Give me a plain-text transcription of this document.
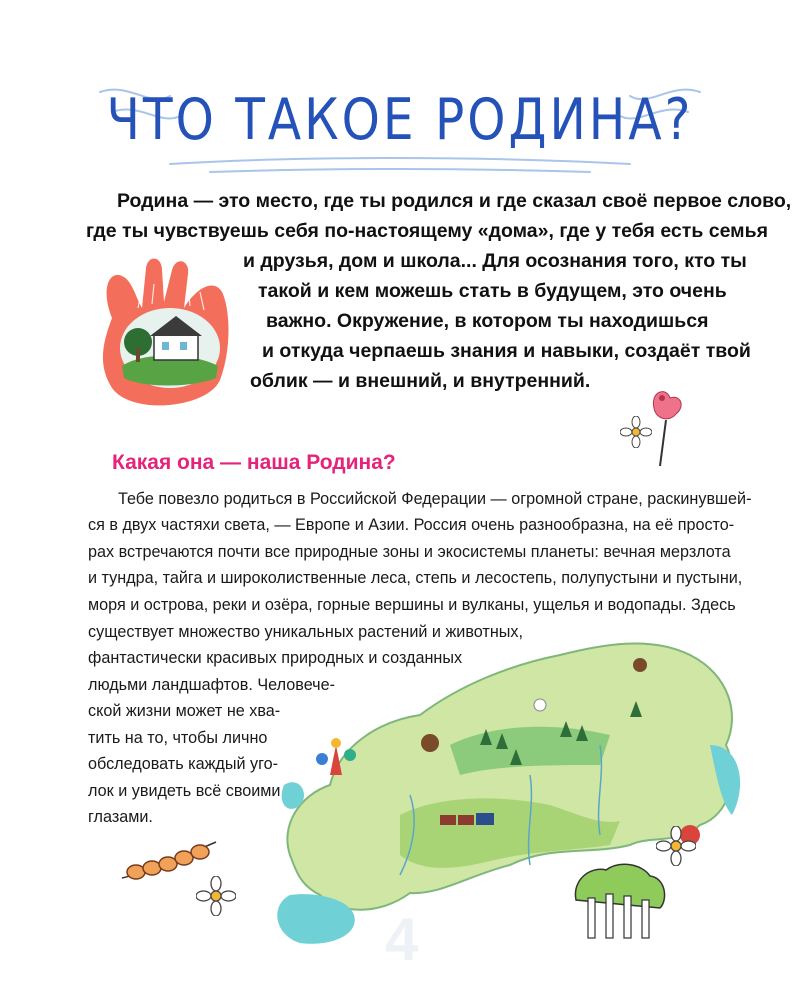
ЧТО ТАКОЕ РОДИНА?
Родина — это место, где ты родился и где сказал своё первое слово,
где ты чувствуешь себя по-настоящему «дома», где у тебя есть семья
и друзья, дом и школа... Для осознания того, кто ты
такой и кем можешь стать в будущем, это очень
важно. Окружение, в котором ты находишься
и откуда черпаешь знания и навыки, создаёт твой
облик — и внешний, и внутренний.
Какая она — наша Родина?
Тебе повезло родиться в Российской Федерации — огромной стране, раскинувшей-
ся в двух частяхи света, — Европе и Азии. Россия очень разнообразна, на её просто-
рах встречаются почти все природные зоны и экосистемы планеты: вечная мерзлота
и тундра, тайга и широколиственные леса, степь и лесостепь, полупустыни и пустыни,
моря и острова, реки и озёра, горные вершины и вулканы, ущелья и водопады. Здесь
существует множество уникальных растений и животных,
фантастически красивых природных и созданных
людьми ландшафтов. Человече-
ской жизни может не хва-
тить на то, чтобы лично
обследовать каждый уго-
лок и увидеть всё своими
глазами.
4
